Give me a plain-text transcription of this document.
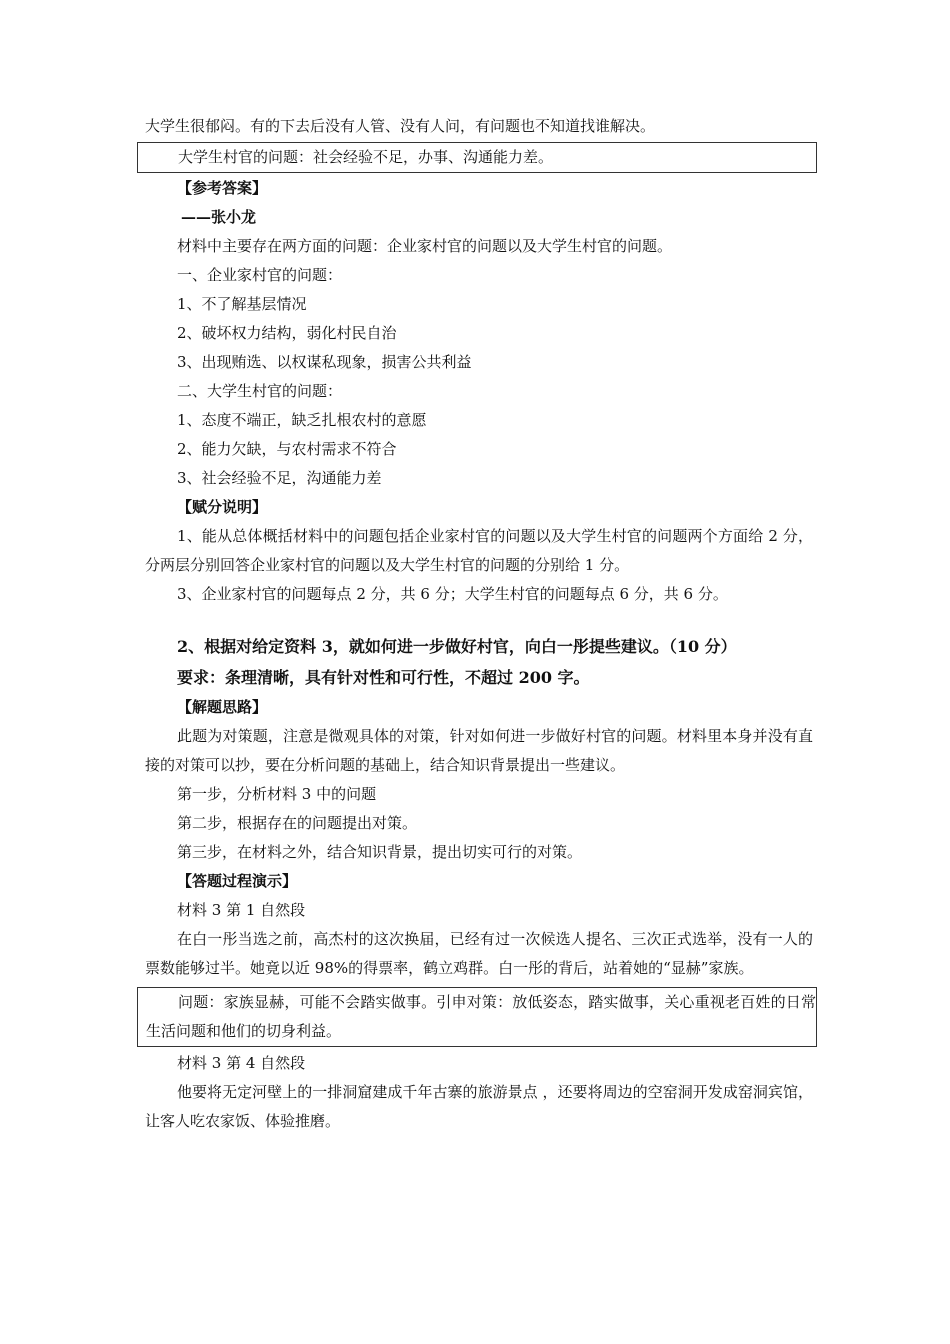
大学生很郁闷。有的下去后没有人管、没有人问，有问题也不知道找谁解决。
大学生村官的问题：社会经验不足，办事、沟通能力差。
【参考答案】
——张小龙
材料中主要存在两方面的问题：企业家村官的问题以及大学生村官的问题。
一、企业家村官的问题：
1、不了解基层情况
2、破坏权力结构，弱化村民自治
3、出现贿选、以权谋私现象，损害公共利益
二、大学生村官的问题：
1、态度不端正，缺乏扎根农村的意愿
2、能力欠缺，与农村需求不符合
3、社会经验不足，沟通能力差
【赋分说明】
1、能从总体概括材料中的问题包括企业家村官的问题以及大学生村官的问题两个方面给 2 分，分两层分别回答企业家村官的问题以及大学生村官的问题的分别给 1 分。
3、企业家村官的问题每点 2 分，共 6 分；大学生村官的问题每点 6 分，共 6 分。
2、根据对给定资料 3，就如何进一步做好村官，向白一彤提些建议。（10 分）
要求：条理清晰，具有针对性和可行性，不超过 200 字。
【解题思路】
此题为对策题，注意是微观具体的对策，针对如何进一步做好村官的问题。材料里本身并没有直接的对策可以抄，要在分析问题的基础上，结合知识背景提出一些建议。
第一步，分析材料 3 中的问题
第二步，根据存在的问题提出对策。
第三步，在材料之外，结合知识背景，提出切实可行的对策。
【答题过程演示】
材料 3 第 1 自然段
在白一彤当选之前，高杰村的这次换届，已经有过一次候选人提名、三次正式选举，没有一人的票数能够过半。她竟以近 98%的得票率，鹤立鸡群。白一彤的背后，站着她的“显赫”家族。
问题：家族显赫，可能不会踏实做事。引申对策：放低姿态，踏实做事，关心重视老百姓的日常生活问题和他们的切身利益。
材料 3 第 4 自然段
他要将无定河壁上的一排洞窟建成千年古寨的旅游景点 ，还要将周边的空窑洞开发成窑洞宾馆，让客人吃农家饭、体验推磨。
